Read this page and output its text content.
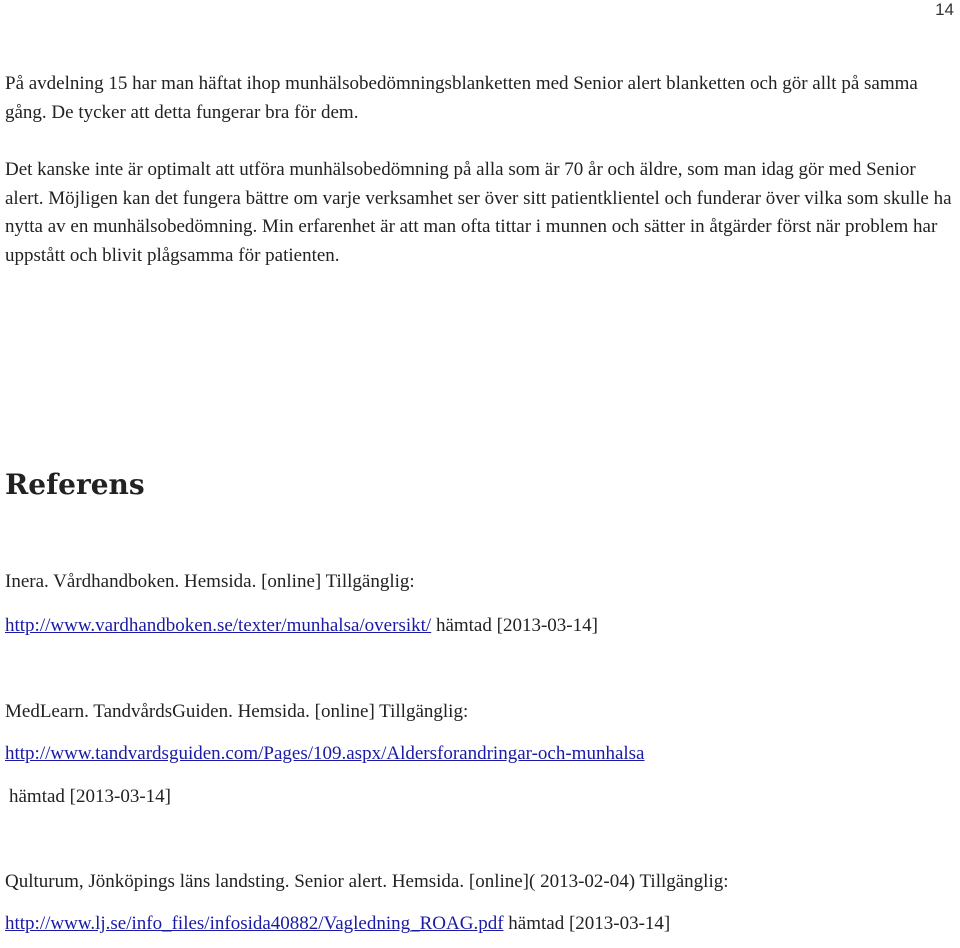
14

På avdelning 15 har man häftat ihop munhälsobedömningsblanketten med Senior alert blanketten och gör allt på samma gång. De tycker att detta fungerar bra för dem.

Det kanske inte är optimalt att utföra munhälsobedömning på alla som är 70 år och äldre, som man idag gör med Senior alert. Möjligen kan det fungera bättre om varje verksamhet ser över sitt patientklientel och funderar över vilka som skulle ha nytta av en munhälsobedömning. Min erfarenhet är att man ofta tittar i munnen och sätter in åtgärder först när problem har uppstått och blivit plågsamma för patienten.

Referens

Inera. Vårdhandboken. Hemsida. [online] Tillgänglig:

http://www.vardhandboken.se/texter/munhalsa/oversikt/ hämtad [2013-03-14]

MedLearn. TandvårdsGuiden. Hemsida. [online] Tillgänglig:

http://www.tandvardsguiden.com/Pages/109.aspx/Aldersforandringar-och-munhalsa

hämtad [2013-03-14]

Qulturum, Jönköpings läns landsting. Senior alert. Hemsida. [online]( 2013-02-04) Tillgänglig:

http://www.lj.se/info_files/infosida40882/Vagledning_ROAG.pdf hämtad [2013-03-14]
